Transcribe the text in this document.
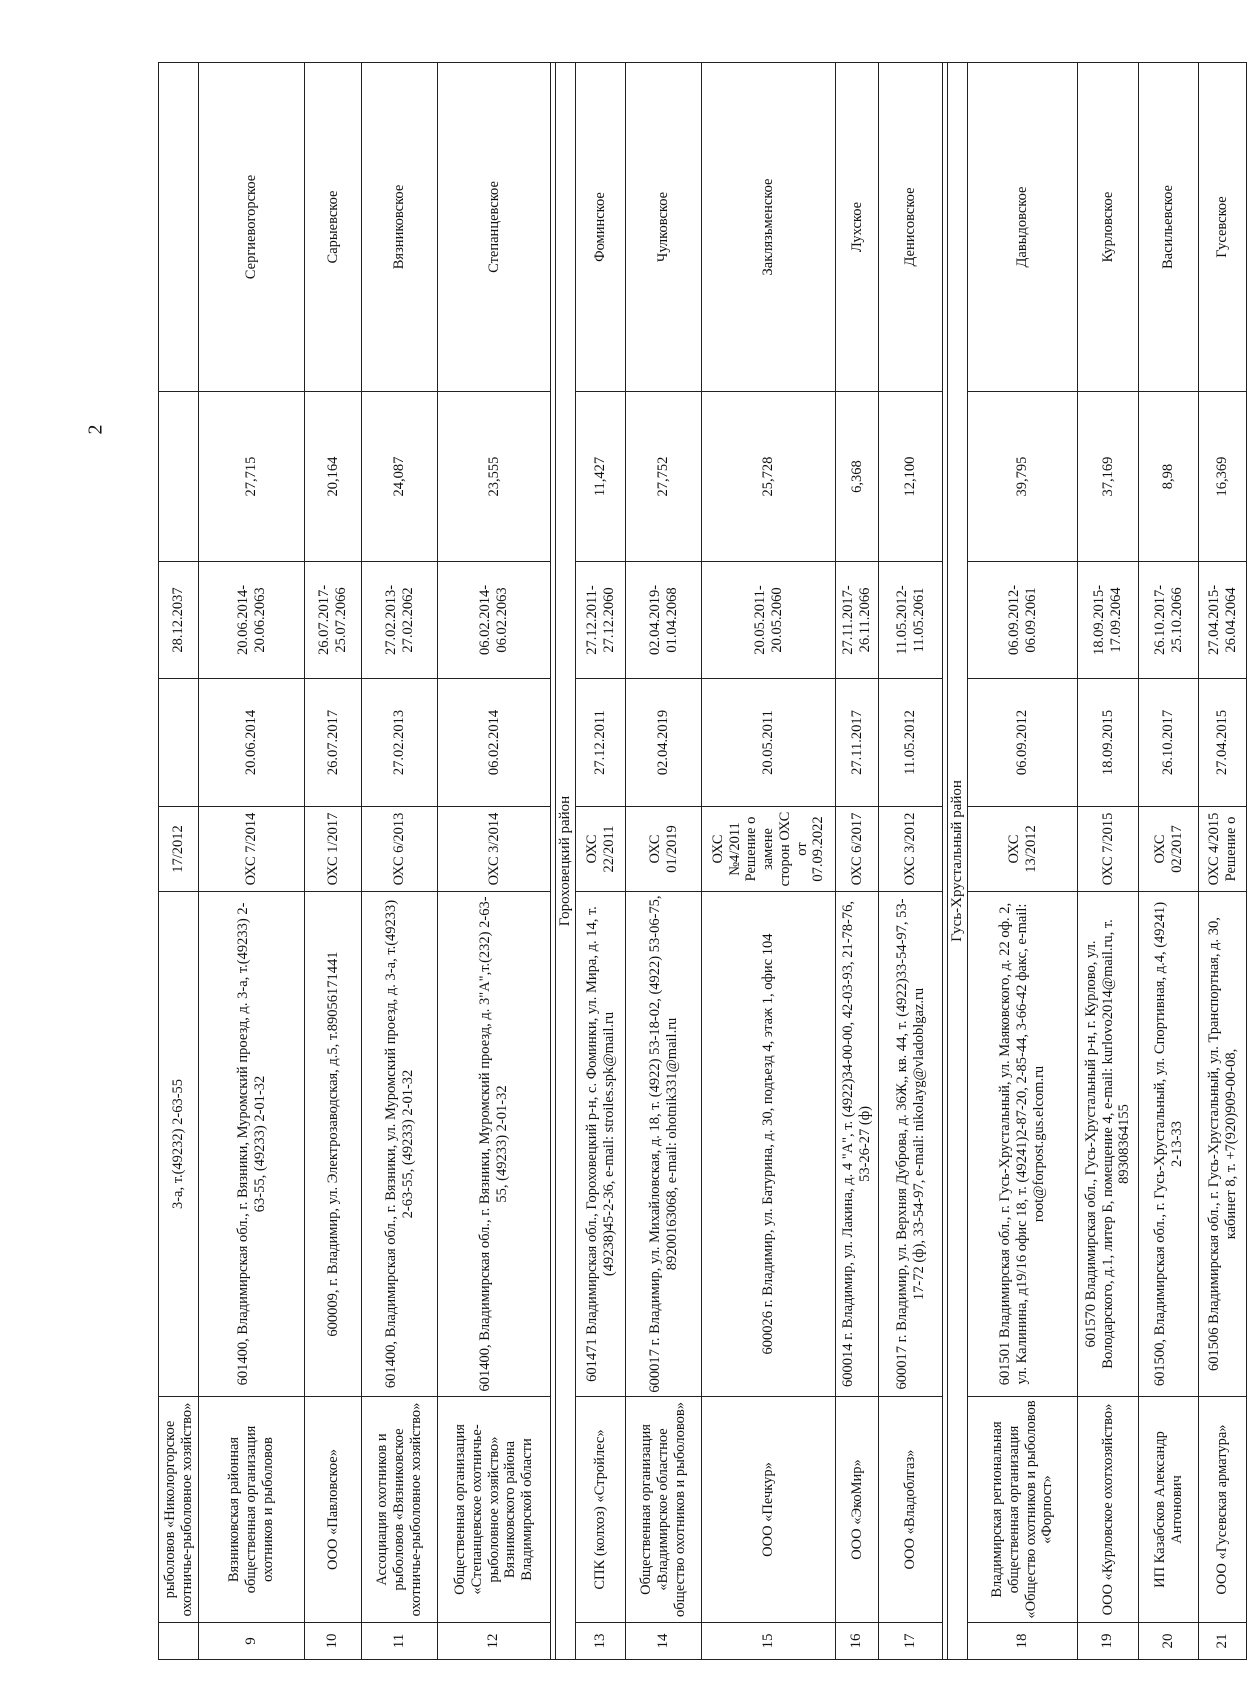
2
	рыболовов «Николоргорское охотничье-рыболовное хозяйство»	3-а, т.(49232) 2-63-55	17/2012		28.12.2037		
9	Вязниковская районная общественная организация охотников и рыболовов	601400, Владимирская обл., г. Вязники, Муромский проезд, д. 3-а, т.(49233) 2-63-55, (49233) 2-01-32	ОХС 7/2014	20.06.2014	20.06.2014-20.06.2063	27,715	Сергиевогорское
10	ООО «Павловское»	600009, г. Владимир, ул. Электрозаводская, д.5, т.89056171441	ОХС 1/2017	26.07.2017	26.07.2017-25.07.2066	20,164	Сарыевское
11	Ассоциация охотников и рыболовов «Вязниковское охотничье-рыболовное хозяйство»	601400, Владимирская обл., г. Вязники, ул. Муромский проезд, д. 3-а, т.(49233) 2-63-55, (49233) 2-01-32	ОХС 6/2013	27.02.2013	27.02.2013-27.02.2062	24,087	Вязниковское
12	Общественная организация «Степанцевское охотничье-рыболовное хозяйство» Вязниковского района Владимирской области	601400, Владимирская обл., г. Вязники, Муромский проезд, д. 3"А",т.(232) 2-63-55, (49233) 2-01-32	ОХС 3/2014	06.02.2014	06.02.2014-06.02.2063	23,555	Степанцевское

Гороховецкий район							
13	СПК (колхоз) «Стройлес»	601471 Владимирская обл., Гороховецкий р-н, с. Фоминки, ул. Мира, д. 14, т. (49238)45-2-36, e-mail: stroiles.spk@mail.ru	ОХС 22/2011	27.12.2011	27.12.2011-27.12.2060	11,427	Фоминское
14	Общественная организация «Владимирское областное общество охотников и рыболовов»	600017 г. Владимир, ул. Михайловская, д. 18, т. (4922) 53-18-02, (4922) 53-06-75, 89200163068, e-mail: ohotnik331@mail.ru	ОХС 01/2019	02.04.2019	02.04.2019-01.04.2068	27,752	Чулковское
15	ООО «Печкур»	600026 г. Владимир, ул. Батурина, д. 30, подъезд 4, этаж 1, офис 104	ОХС №4/2011 Решение о замене сторон ОХС от 07.09.2022	20.05.2011	20.05.2011-20.05.2060	25,728	Заклязьменское
16	ООО «ЭкоМир»	600014 г. Владимир, ул. Лакина, д. 4 "А", т. (4922)34-00-00, 42-03-93, 21-78-76, 53-26-27 (ф)	ОХС 6/2017	27.11.2017	27.11.2017-26.11.2066	6,368	Лухское
17	ООО «Владоблгаз»	600017 г. Владимир, ул. Верхняя Дуброва, д. 36Ж,, кв. 44, т. (4922)33-54-97, 53-17-72 (ф), 33-54-97, e-mail: nikolayg@vladoblgaz.ru	ОХС 3/2012	11.05.2012	11.05.2012-11.05.2061	12,100	Денисовское

Гусь-Хрустальный район							
18	Владимирская региональная общественная организация «Общество охотников и рыболовов «Форпост»	601501 Владимирская обл., г. Гусь-Хрустальный, ул. Маяковского, д. 22 оф. 2, ул. Калинина, д19/16 офис 18, т. (49241)2-87-20, 2-85-44, 3-66-42 факс, e-mail: root@forpost.gus.elcom.ru	ОХС 13/2012	06.09.2012	06.09.2012-06.09.2061	39,795	Давыдовское
19	ООО «Курловское охотхозяйство»	601570 Владимирская обл., Гусь-Хрустальный р-н, г. Курлово, ул. Володарского, д.1, литер Б, помещение 4, e-mail: kurlovo2014@mail.ru, т. 89308364155	ОХС 7/2015	18.09.2015	18.09.2015-17.09.2064	37,169	Курловское
20	ИП Казабсков Александр Антонович	601500, Владимирская обл., г. Гусь-Хрустальный, ул. Спортивная, д.4, (49241) 2-13-33	ОХС 02/2017	26.10.2017	26.10.2017-25.10.2066	8,98	Васильевское
21	ООО «Гусевская арматура»	601506 Владимирская обл., г. Гусь-Хрустальный, ул. Транспортная, д. 30, кабинет 8, т. +7(920)909-00-08,	ОХС 4/2015 Решение о	27.04.2015	27.04.2015-26.04.2064	16,369	Гусевское
